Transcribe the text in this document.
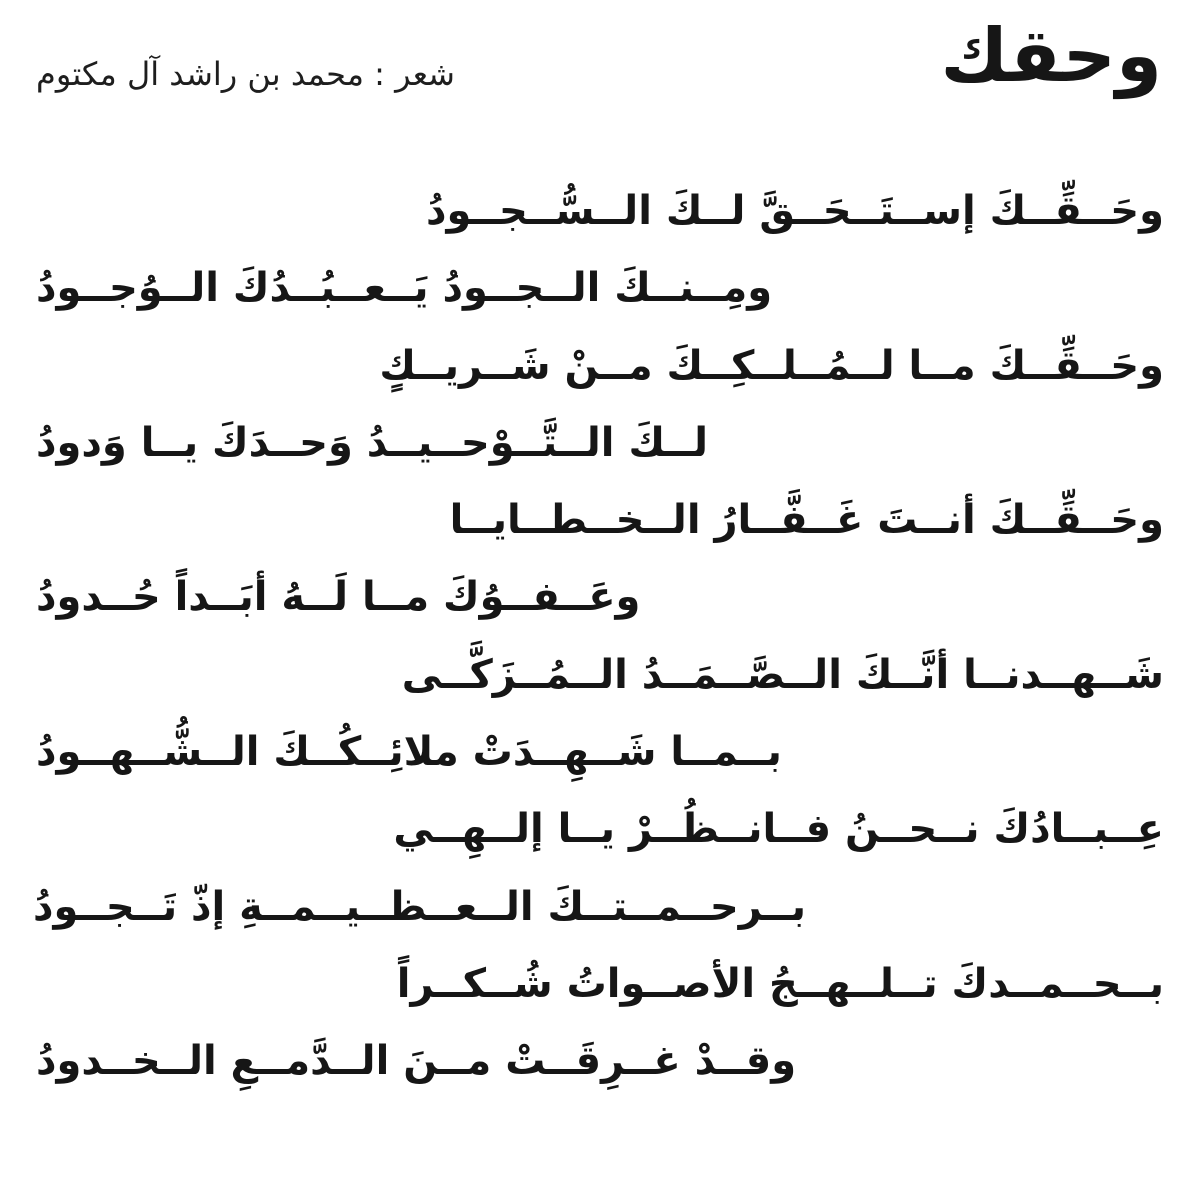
وحقك

شعر : محمد بن راشد آل مكتوم

وحَــقِّــكَ إســتَــحَــقَّ لــكَ الــسُّــجــودُ
ومِــنــكَ الــجــودُ يَــعــبُــدُكَ الــوُجــودُ
وحَــقِّــكَ مــا لــمُــلــكِــكَ مــنْ شَــريــكٍ
لــكَ الــتَّــوْحــيــدُ وَحــدَكَ يــا وَدودُ
وحَــقِّــكَ أنــتَ غَــفَّــارُ الــخــطــايــا
وعَــفــوُكَ مــا لَــهُ أبَــداً حُــدودُ
شَــهــدنــا أنَّــكَ الــصَّــمَــدُ الــمُــزَكَّــى
بــمــا شَــهِــدَتْ ملائِــكُــكَ الــشُّــهــودُ
عِــبــادُكَ نــحــنُ فــانــظُــرْ يــا إلــهِــي
بــرحــمــتــكَ الــعــظــيــمــةِ إذّ تَــجــودُ
بــحــمــدكَ تــلــهــجُ الأصــواتُ شُــكــراً
وقــدْ غــرِقَــتْ مــنَ الــدَّمــعِ الــخــدودُ
